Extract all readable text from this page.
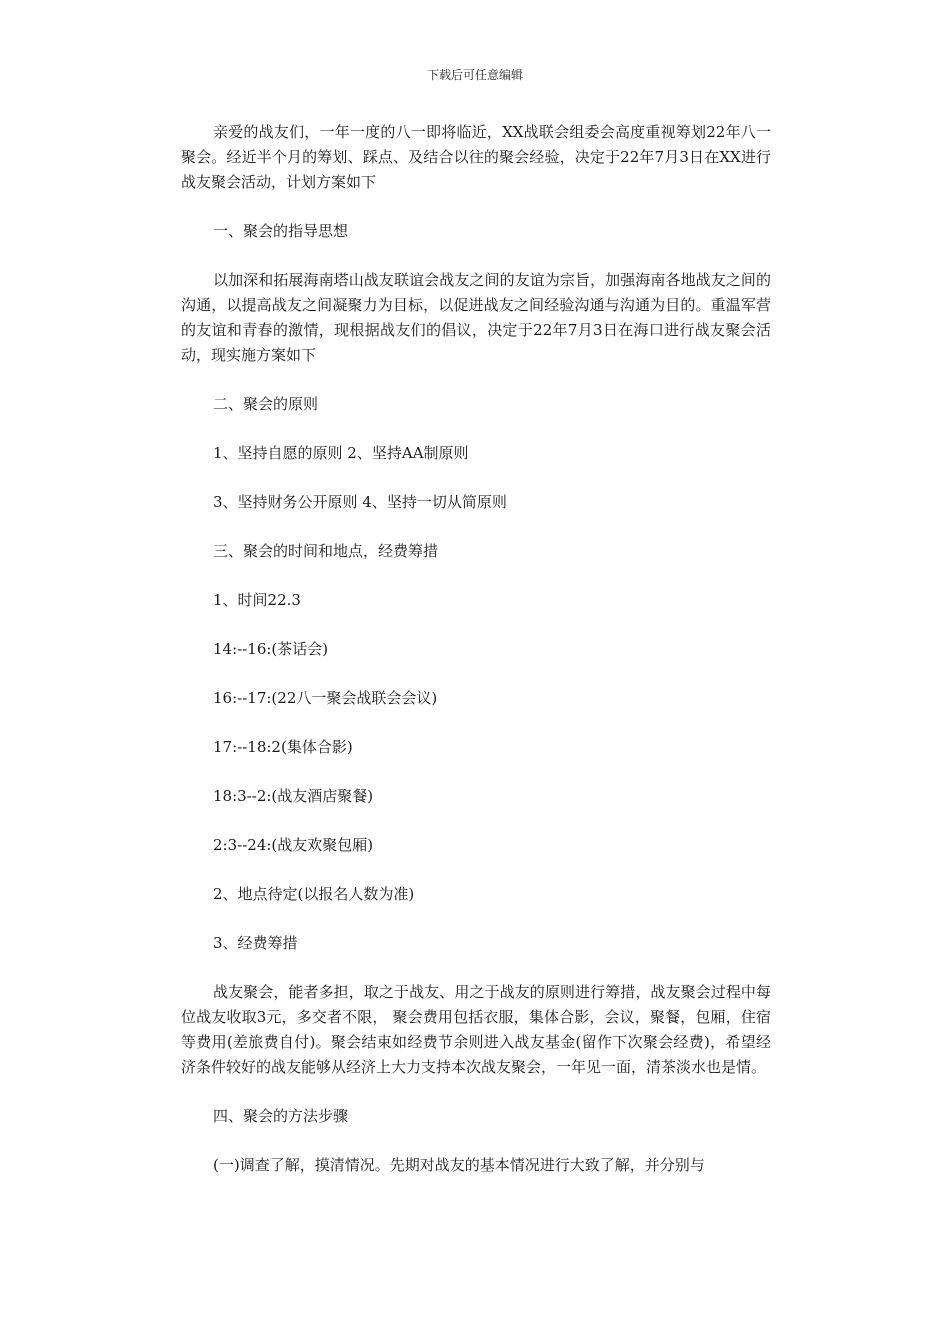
下载后可任意编辑

亲爱的战友们，一年一度的八一即将临近，XX战联会组委会高度重视筹划22年八一聚会。经近半个月的筹划、踩点、及结合以往的聚会经验，决定于22年7月3日在XX进行战友聚会活动，计划方案如下

一、聚会的指导思想

以加深和拓展海南塔山战友联谊会战友之间的友谊为宗旨，加强海南各地战友之间的沟通，以提高战友之间凝聚力为目标，以促进战友之间经验沟通与沟通为目的。重温军营的友谊和青春的激情，现根据战友们的倡议，决定于22年7月3日在海口进行战友聚会活动，现实施方案如下

二、聚会的原则

1、坚持自愿的原则 2、坚持AA制原则

3、坚持财务公开原则 4、坚持一切从简原则

三、聚会的时间和地点，经费筹措

1、时间22.3

14:--16:(茶话会)

16:--17:(22八一聚会战联会会议)

17:--18:2(集体合影)

18:3--2:(战友酒店聚餐)

2:3--24:(战友欢聚包厢)

2、地点待定(以报名人数为准)

3、经费筹措

战友聚会，能者多担，取之于战友、用之于战友的原则进行筹措，战友聚会过程中每位战友收取3元，多交者不限， 聚会费用包括衣服，集体合影，会议，聚餐，包厢，住宿等费用(差旅费自付)。聚会结束如经费节余则进入战友基金(留作下次聚会经费)，希望经济条件较好的战友能够从经济上大力支持本次战友聚会，一年见一面，清茶淡水也是情。

四、聚会的方法步骤

(一)调查了解，摸清情况。先期对战友的基本情况进行大致了解，并分别与
